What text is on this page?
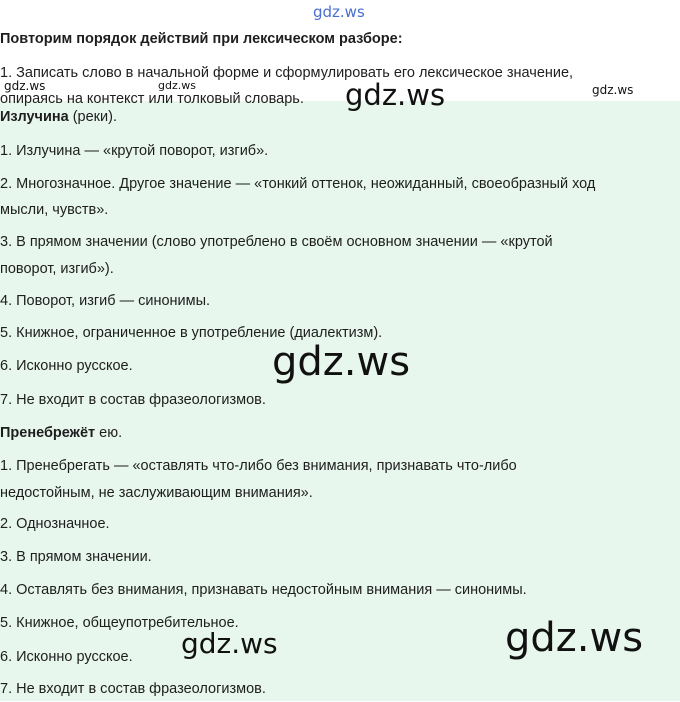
Повторим порядок действий при лексическом разборе:
1. Записать слово в начальной форме и сформулировать его лексическое значение,
опираясь на контекст или толковый словарь.
Излучина (реки).
1. Излучина — «крутой поворот, изгиб».
2. Многозначное. Другое значение — «тонкий оттенок, неожиданный, своеобразный ход
мысли, чувств».
3. В прямом значении (слово употреблено в своём основном значении — «крутой
поворот, изгиб»).
4. Поворот, изгиб — синонимы.
5. Книжное, ограниченное в употребление (диалектизм).
6. Исконно русское.
7. Не входит в состав фразеологизмов.
Пренебрежёт ею.
1. Пренебрегать — «оставлять что-либо без внимания, признавать что-либо
недостойным, не заслуживающим внимания».
2. Однозначное.
3. В прямом значении.
4. Оставлять без внимания, признавать недостойным внимания — синонимы.
5. Книжное, общеупотребительное.
6. Исконно русское.
7. Не входит в состав фразеологизмов.
gdz.ws
gdz.ws	gdz.ws	gdz.ws
gdz.ws
gdz.ws
gdz.ws	gdz.ws
